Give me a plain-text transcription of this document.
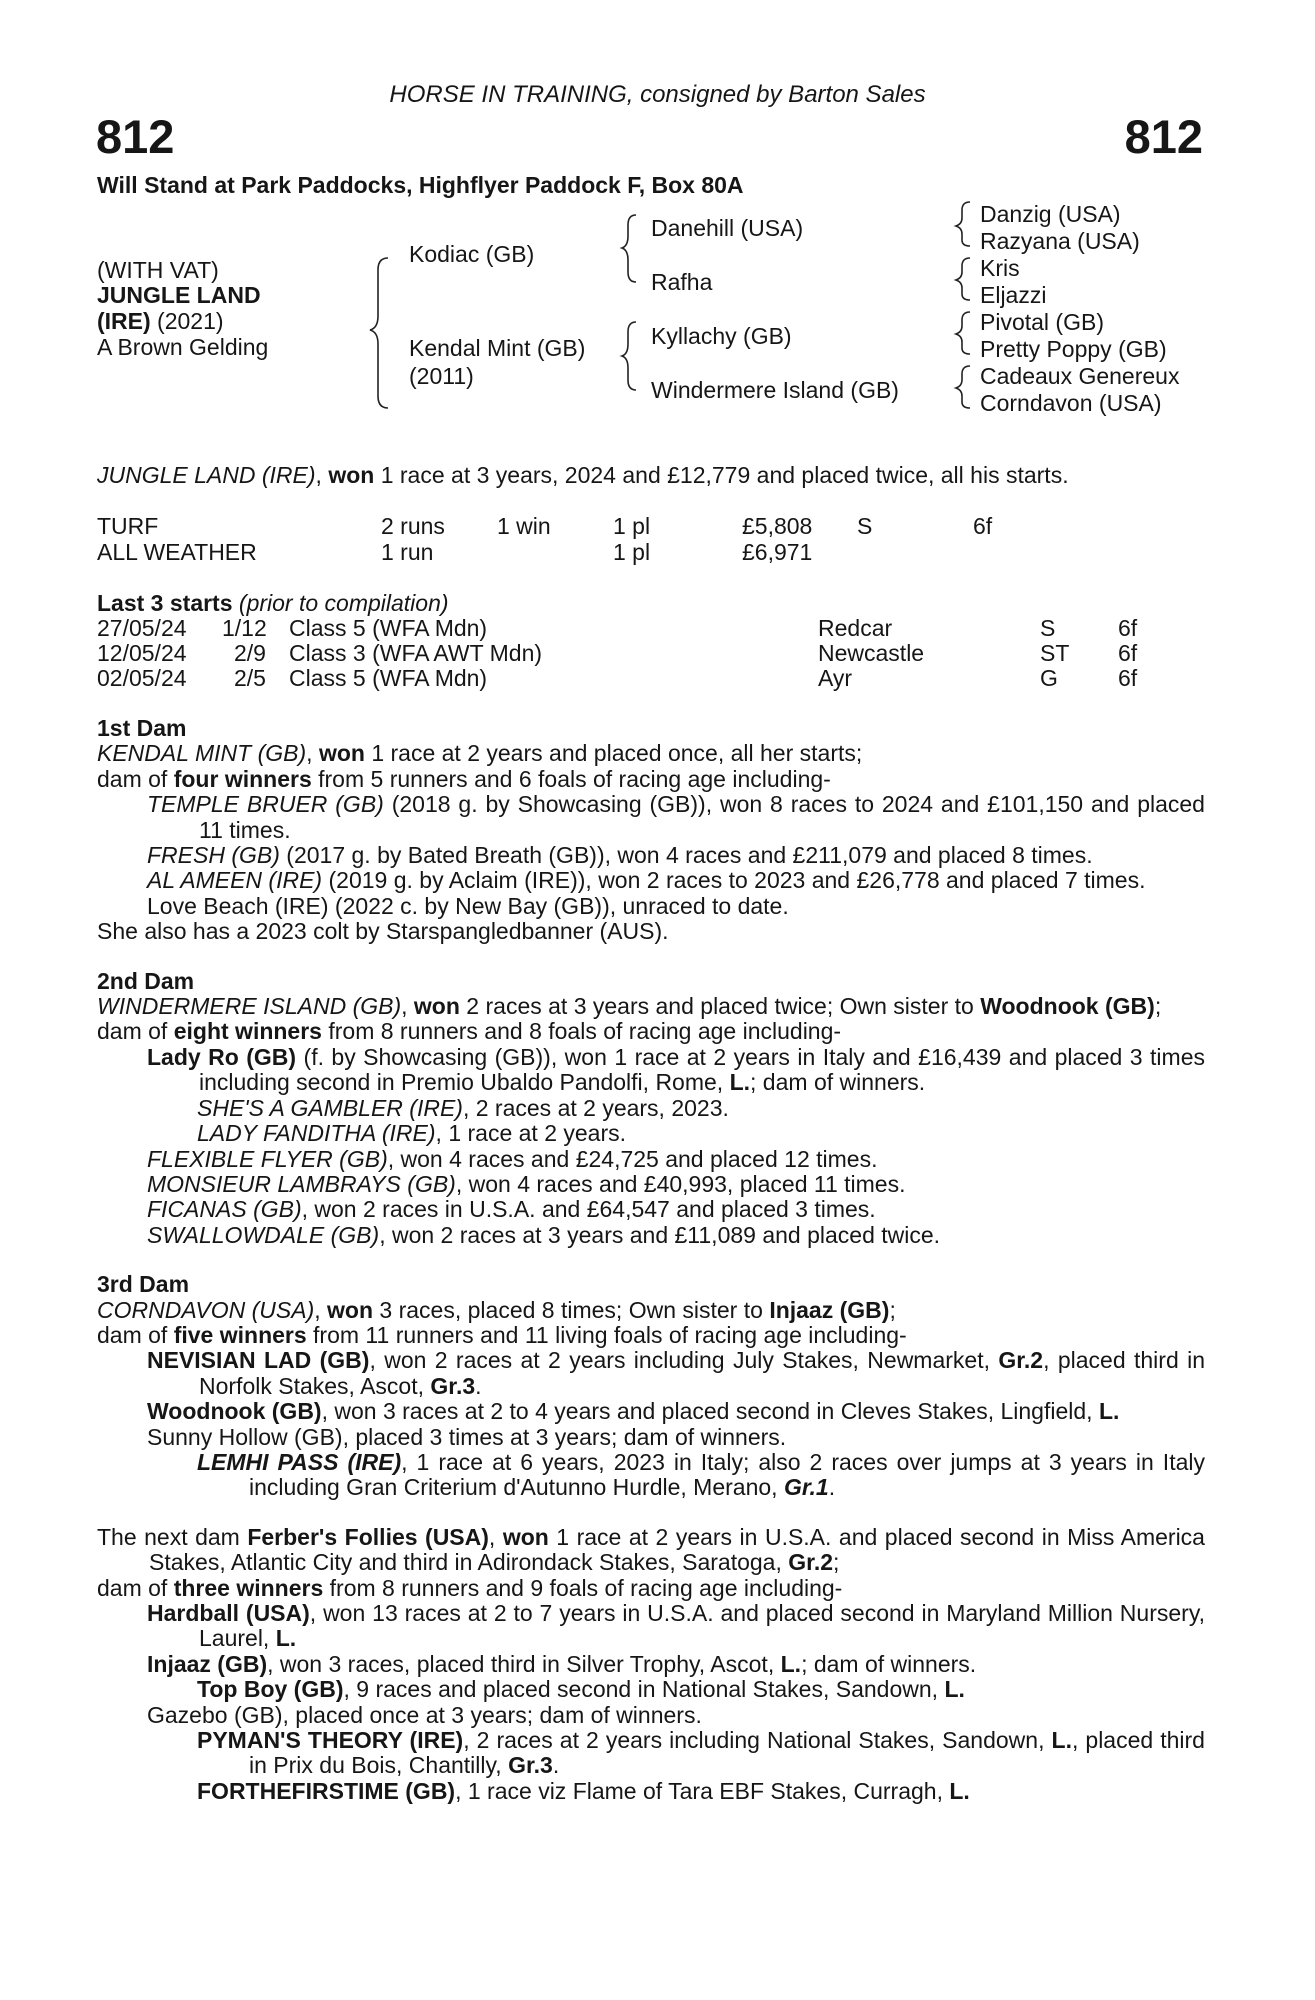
HORSE IN TRAINING, consigned by Barton Sales
812	812
Will Stand at Park Paddocks, Highflyer Paddock F, Box 80A
(WITH VAT)
JUNGLE LAND
(IRE) (2021)
A Brown Gelding
Kodiac (GB)
Kendal Mint (GB)
(2011)
Danehill (USA)
Rafha
Kyllachy (GB)
Windermere Island (GB)
Danzig (USA)
Razyana (USA)
Kris
Eljazzi
Pivotal (GB)
Pretty Poppy (GB)
Cadeaux Genereux
Corndavon (USA)
JUNGLE LAND (IRE), won 1 race at 3 years, 2024 and £12,779 and placed twice, all his starts.
TURF	2 runs 1 win	1 pl	£5,808 S	6f
ALL WEATHER	1 run	1 pl	£6,971
Last 3 starts (prior to compilation)
27/05/24 1/12 Class 5 (WFA Mdn)	Redcar	S	6f
12/05/24 2/9 Class 3 (WFA AWT Mdn)	Newcastle	ST 6f
02/05/24 2/5 Class 5 (WFA Mdn)	Ayr	G	6f

1st Dam

KENDAL MINT (GB), won 1 race at 2 years and placed once, all her starts;

dam of four winners from 5 runners and 6 foals of racing age including-

TEMPLE BRUER (GB) (2018 g. by Showcasing (GB)), won 8 races to 2024 and £101,150 and placed 11 times.

FRESH (GB) (2017 g. by Bated Breath (GB)), won 4 races and £211,079 and placed 8 times.

AL AMEEN (IRE) (2019 g. by Aclaim (IRE)), won 2 races to 2023 and £26,778 and placed 7 times.

Love Beach (IRE) (2022 c. by New Bay (GB)), unraced to date.

She also has a 2023 colt by Starspangledbanner (AUS).

2nd Dam

WINDERMERE ISLAND (GB), won 2 races at 3 years and placed twice; Own sister to Woodnook (GB);

dam of eight winners from 8 runners and 8 foals of racing age including-

Lady Ro (GB) (f. by Showcasing (GB)), won 1 race at 2 years in Italy and £16,439 and placed 3 times including second in Premio Ubaldo Pandolfi, Rome, L.; dam of winners.

SHE'S A GAMBLER (IRE), 2 races at 2 years, 2023.

LADY FANDITHA (IRE), 1 race at 2 years.

FLEXIBLE FLYER (GB), won 4 races and £24,725 and placed 12 times.

MONSIEUR LAMBRAYS (GB), won 4 races and £40,993, placed 11 times.

FICANAS (GB), won 2 races in U.S.A. and £64,547 and placed 3 times.

SWALLOWDALE (GB), won 2 races at 3 years and £11,089 and placed twice.

3rd Dam

CORNDAVON (USA), won 3 races, placed 8 times; Own sister to Injaaz (GB);

dam of five winners from 11 runners and 11 living foals of racing age including-

NEVISIAN LAD (GB), won 2 races at 2 years including July Stakes, Newmarket, Gr.2, placed third in Norfolk Stakes, Ascot, Gr.3.

Woodnook (GB), won 3 races at 2 to 4 years and placed second in Cleves Stakes, Lingfield, L.

Sunny Hollow (GB), placed 3 times at 3 years; dam of winners.

LEMHI PASS (IRE), 1 race at 6 years, 2023 in Italy; also 2 races over jumps at 3 years in Italy including Gran Criterium d'Autunno Hurdle, Merano, Gr.1.

The next dam Ferber's Follies (USA), won 1 race at 2 years in U.S.A. and placed second in Miss America Stakes, Atlantic City and third in Adirondack Stakes, Saratoga, Gr.2;

dam of three winners from 8 runners and 9 foals of racing age including-

Hardball (USA), won 13 races at 2 to 7 years in U.S.A. and placed second in Maryland Million Nursery, Laurel, L.

Injaaz (GB), won 3 races, placed third in Silver Trophy, Ascot, L.; dam of winners.

Top Boy (GB), 9 races and placed second in National Stakes, Sandown, L.

Gazebo (GB), placed once at 3 years; dam of winners.

PYMAN'S THEORY (IRE), 2 races at 2 years including National Stakes, Sandown, L., placed third in Prix du Bois, Chantilly, Gr.3.

FORTHEFIRSTIME (GB), 1 race viz Flame of Tara EBF Stakes, Curragh, L.
